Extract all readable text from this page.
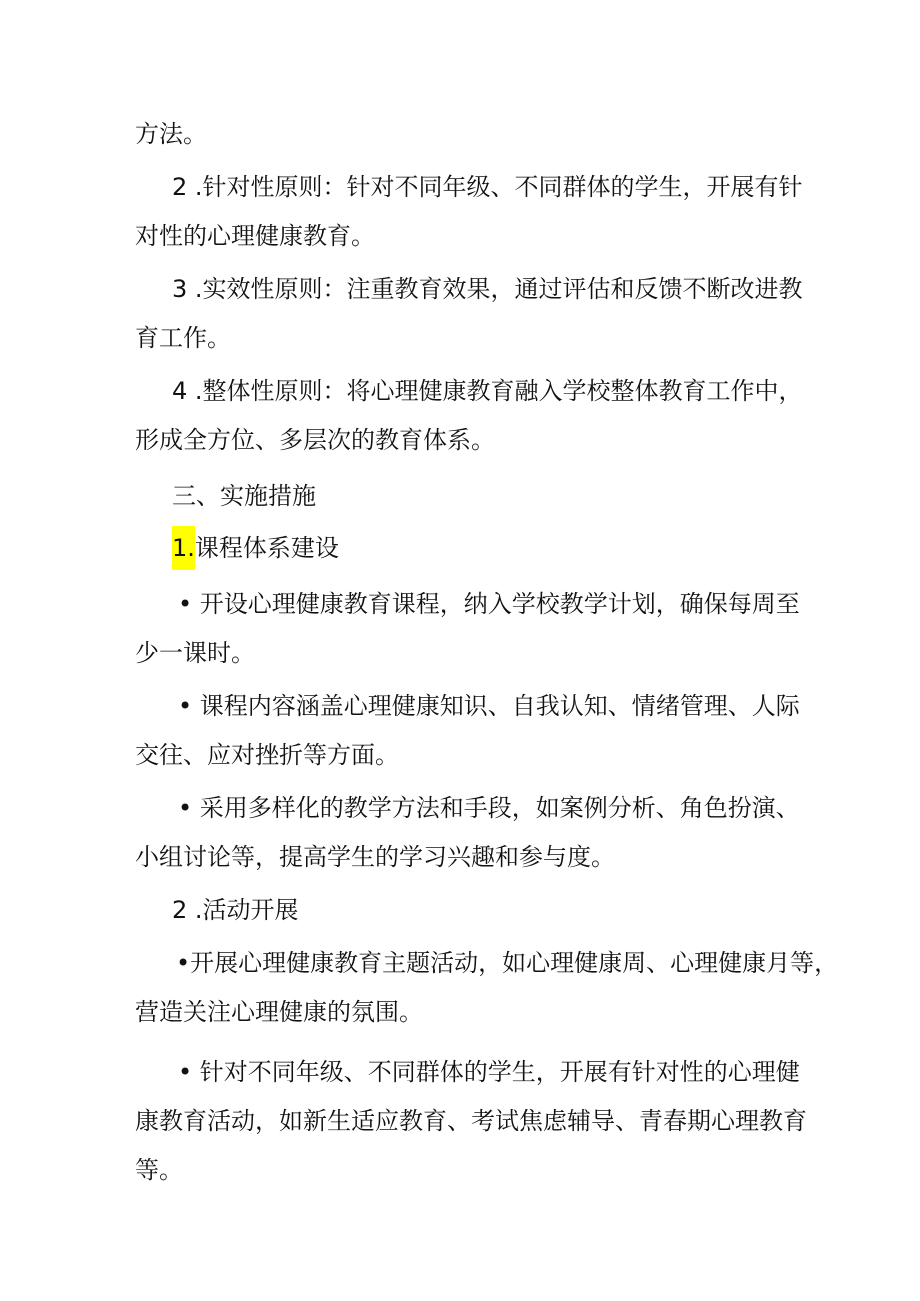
方法。
2 .针对性原则：针对不同年级、不同群体的学生，开展有针
对性的心理健康教育。
3 .实效性原则：注重教育效果，通过评估和反馈不断改进教
育工作。
4 .整体性原则：将心理健康教育融入学校整体教育工作中，
形成全方位、多层次的教育体系。
三、实施措施
1.课程体系建设
• 开设心理健康教育课程，纳入学校教学计划，确保每周至
少一课时。
• 课程内容涵盖心理健康知识、自我认知、情绪管理、人际
交往、应对挫折等方面。
• 采用多样化的教学方法和手段，如案例分析、角色扮演、
小组讨论等，提高学生的学习兴趣和参与度。
2 .活动开展
•开展心理健康教育主题活动，如心理健康周、心理健康月等，
营造关注心理健康的氛围。
• 针对不同年级、不同群体的学生，开展有针对性的心理健
康教育活动，如新生适应教育、考试焦虑辅导、青春期心理教育
等。
